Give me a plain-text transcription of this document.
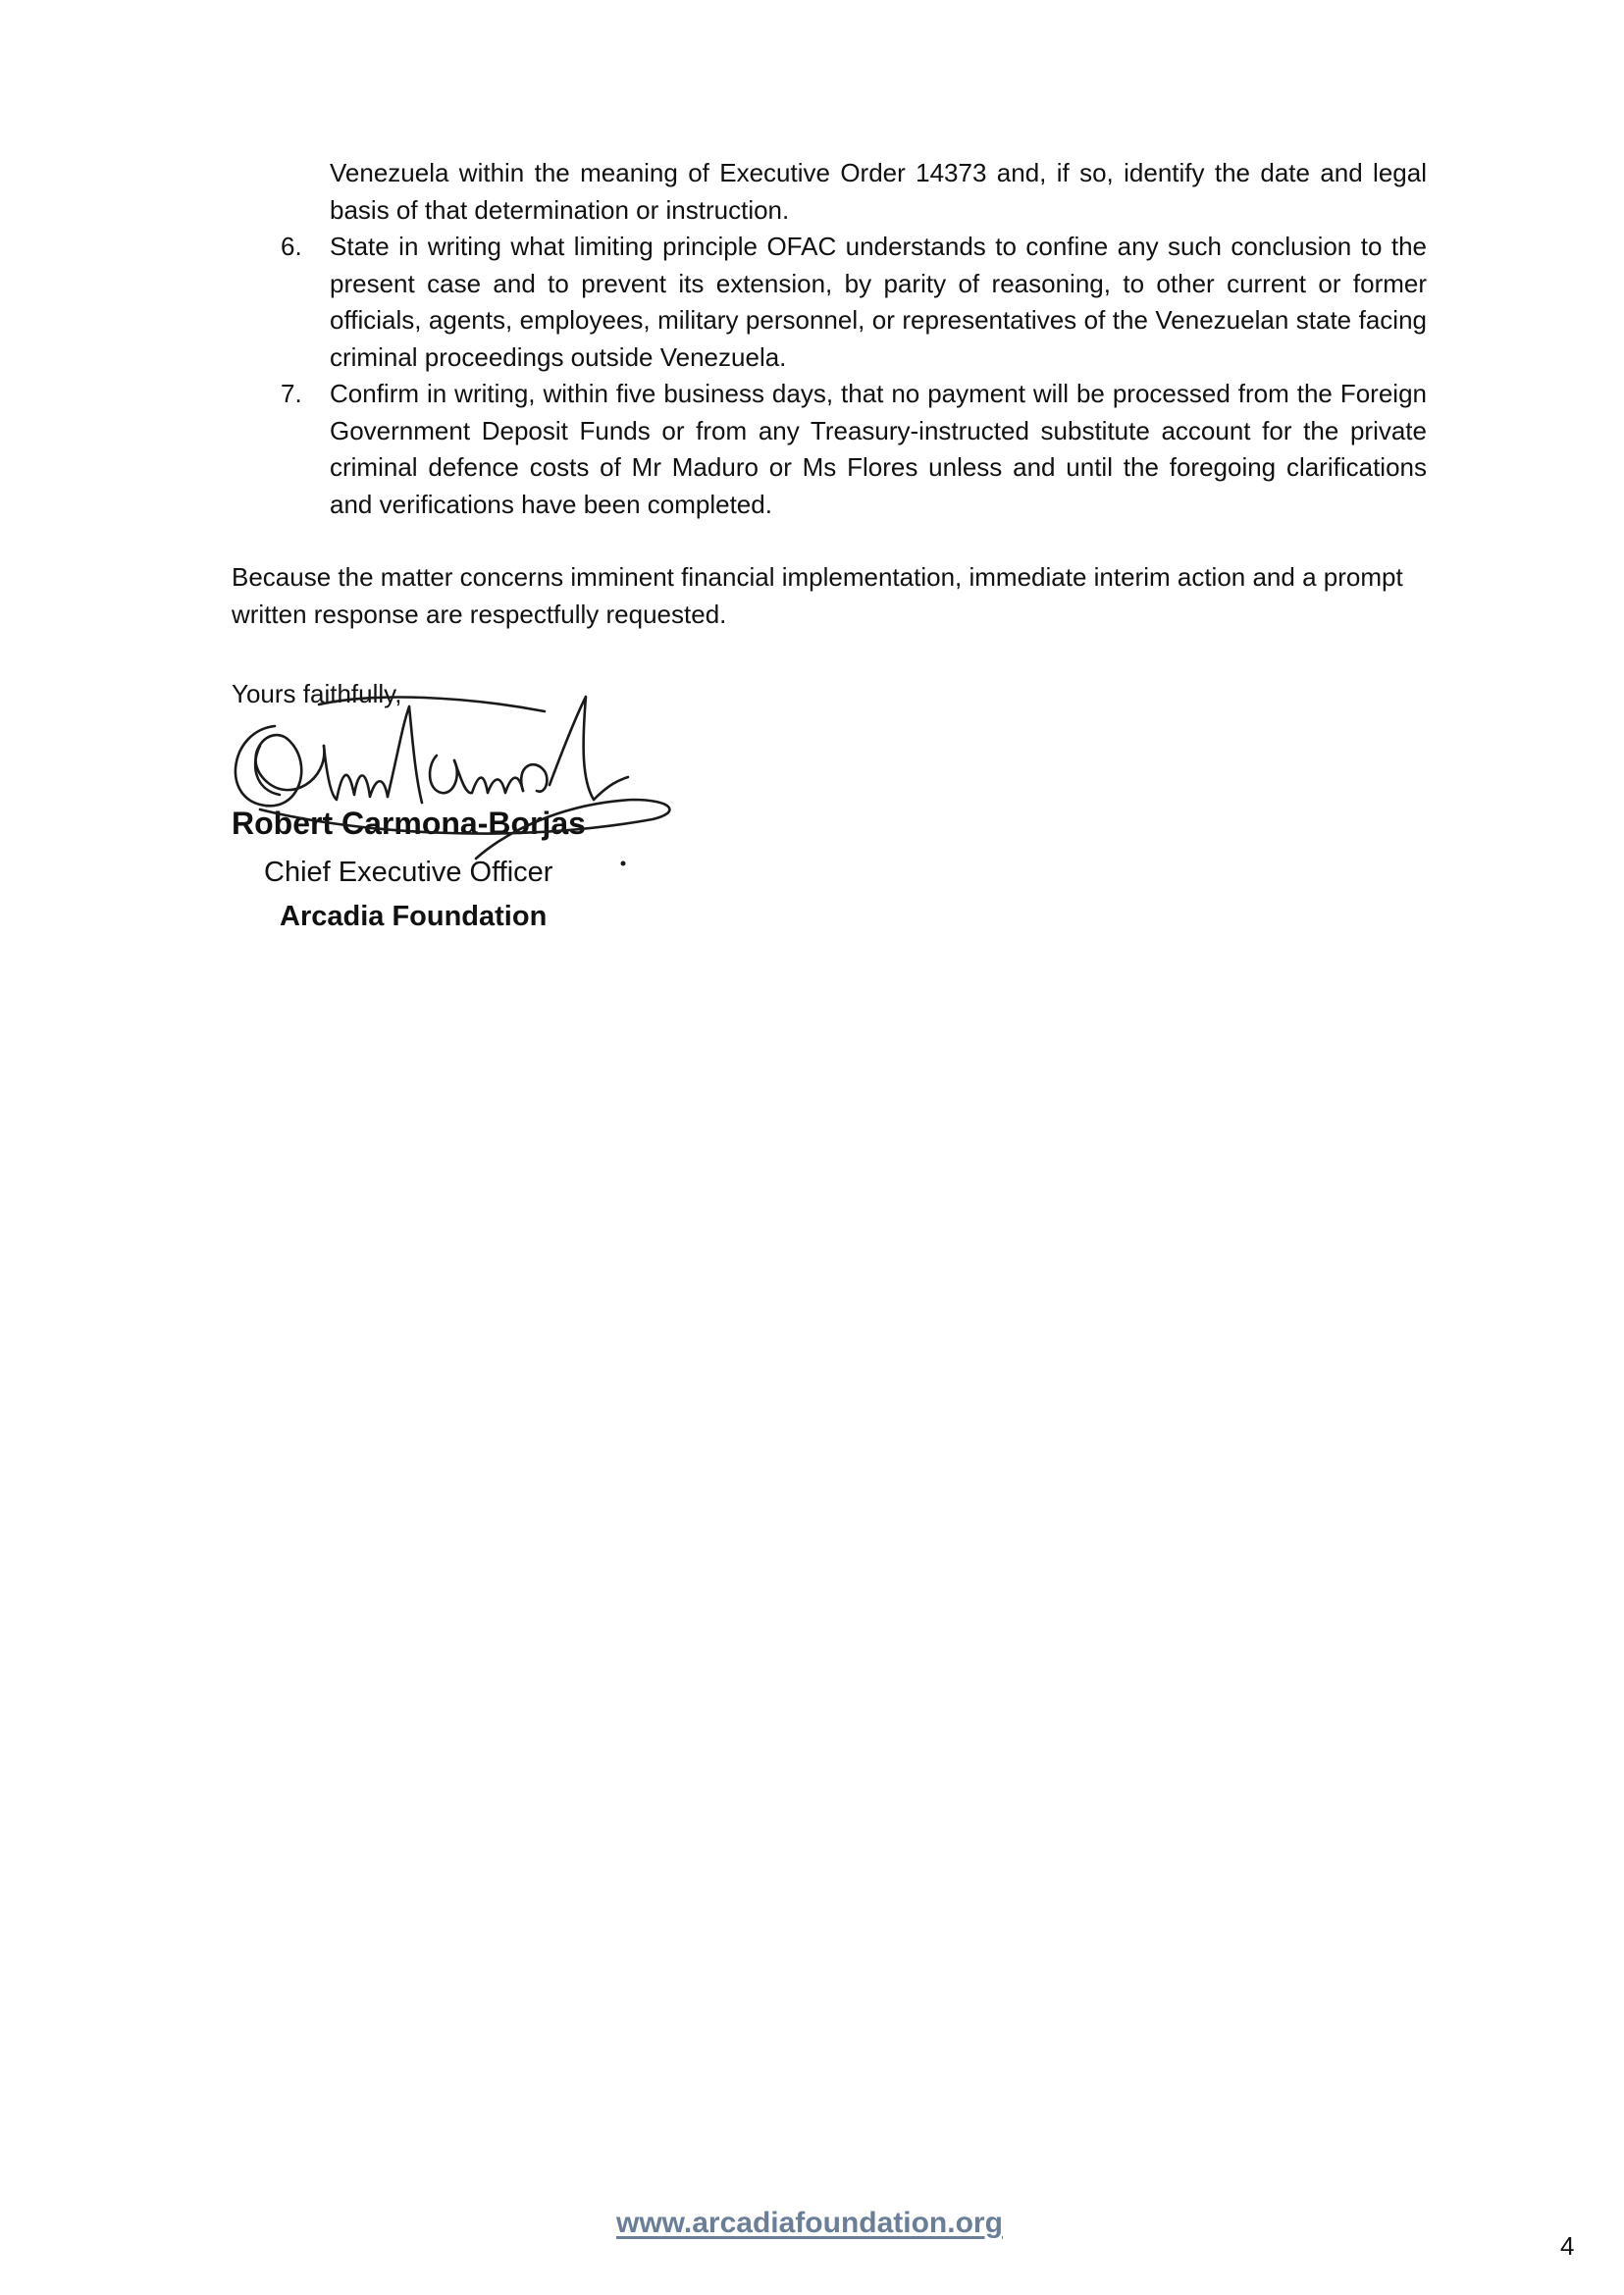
Venezuela within the meaning of Executive Order 14373 and, if so, identify the date and legal basis of that determination or instruction.
6. State in writing what limiting principle OFAC understands to confine any such conclusion to the present case and to prevent its extension, by parity of reasoning, to other current or former officials, agents, employees, military personnel, or representatives of the Venezuelan state facing criminal proceedings outside Venezuela.
7. Confirm in writing, within five business days, that no payment will be processed from the Foreign Government Deposit Funds or from any Treasury-instructed substitute account for the private criminal defence costs of Mr Maduro or Ms Flores unless and until the foregoing clarifications and verifications have been completed.
Because the matter concerns imminent financial implementation, immediate interim action and a prompt written response are respectfully requested.
Yours faithfully,
Robert Carmona-Borjas
Chief Executive Officer
Arcadia Foundation
www.arcadiafoundation.org
4
